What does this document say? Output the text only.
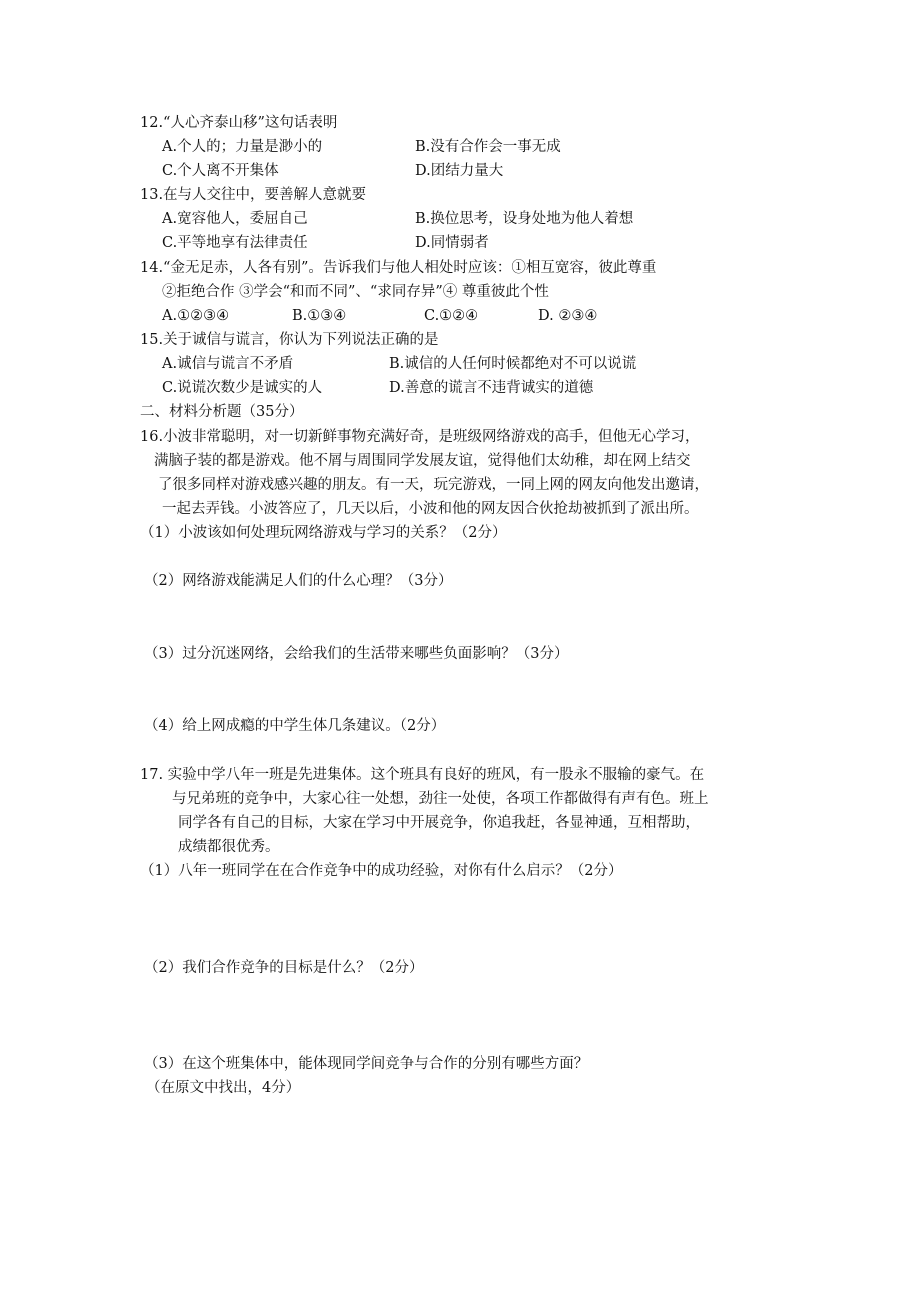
12.“人心齐泰山移”这句话表明
A.个人的；力量是渺小的	B.没有合作会一事无成
C.个人离不开集体	D.团结力量大
13.在与人交往中，要善解人意就要
A.宽容他人，委屈自己	B.换位思考，设身处地为他人着想
C.平等地享有法律责任	D.同情弱者
14.“金无足赤，人各有别”。告诉我们与他人相处时应该：①相互宽容，彼此尊重
②拒绝合作 ③学会“和而不同”、“求同存异”④ 尊重彼此个性
A.①②③④	B.①③④	C.①②④	D. ②③④
15.关于诚信与谎言，你认为下列说法正确的是
A.诚信与谎言不矛盾	B.诚信的人任何时候都绝对不可以说谎
C.说谎次数少是诚实的人	D.善意的谎言不违背诚实的道德
二、材料分析题（35分）
16.小波非常聪明，对一切新鲜事物充满好奇，是班级网络游戏的高手，但他无心学习，
满脑子装的都是游戏。他不屑与周围同学发展友谊，觉得他们太幼稚，却在网上结交
了很多同样对游戏感兴趣的朋友。有一天，玩完游戏，一同上网的网友向他发出邀请，
一起去弄钱。小波答应了，几天以后，小波和他的网友因合伙抢劫被抓到了派出所。
（1）小波该如何处理玩网络游戏与学习的关系？（2分）
（2）网络游戏能满足人们的什么心理？（3分）
（3）过分沉迷网络，会给我们的生活带来哪些负面影响？（3分）
（4）给上网成瘾的中学生体几条建议。（2分）
17. 实验中学八年一班是先进集体。这个班具有良好的班风，有一股永不服输的豪气。在
与兄弟班的竞争中，大家心往一处想，劲往一处使，各项工作都做得有声有色。班上
同学各有自己的目标，大家在学习中开展竞争，你追我赶，各显神通，互相帮助，
成绩都很优秀。
（1）八年一班同学在在合作竞争中的成功经验，对你有什么启示？（2分）
（2）我们合作竞争的目标是什么？（2分）
（3）在这个班集体中，能体现同学间竞争与合作的分别有哪些方面？
（在原文中找出，4分）
